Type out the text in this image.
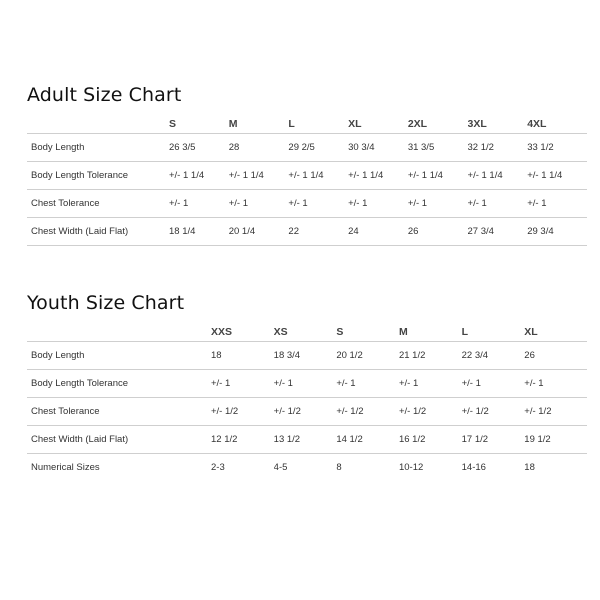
Adult Size Chart
	S	M	L	XL	2XL	3XL	4XL
Body Length	26 3/5	28	29 2/5	30 3/4	31 3/5	32 1/2	33 1/2
Body Length Tolerance	+/- 1 1/4	+/- 1 1/4	+/- 1 1/4	+/- 1 1/4	+/- 1 1/4	+/- 1 1/4	+/- 1 1/4
Chest Tolerance	+/- 1	+/- 1	+/- 1	+/- 1	+/- 1	+/- 1	+/- 1
Chest Width (Laid Flat)	18 1/4	20 1/4	22	24	26	27 3/4	29 3/4
Youth Size Chart
	XXS	XS	S	M	L	XL
Body Length	18	18 3/4	20 1/2	21 1/2	22 3/4	26
Body Length Tolerance	+/- 1	+/- 1	+/- 1	+/- 1	+/- 1	+/- 1
Chest Tolerance	+/- 1/2	+/- 1/2	+/- 1/2	+/- 1/2	+/- 1/2	+/- 1/2
Chest Width (Laid Flat)	12 1/2	13 1/2	14 1/2	16 1/2	17 1/2	19 1/2
Numerical Sizes	2-3	4-5	8	10-12	14-16	18
